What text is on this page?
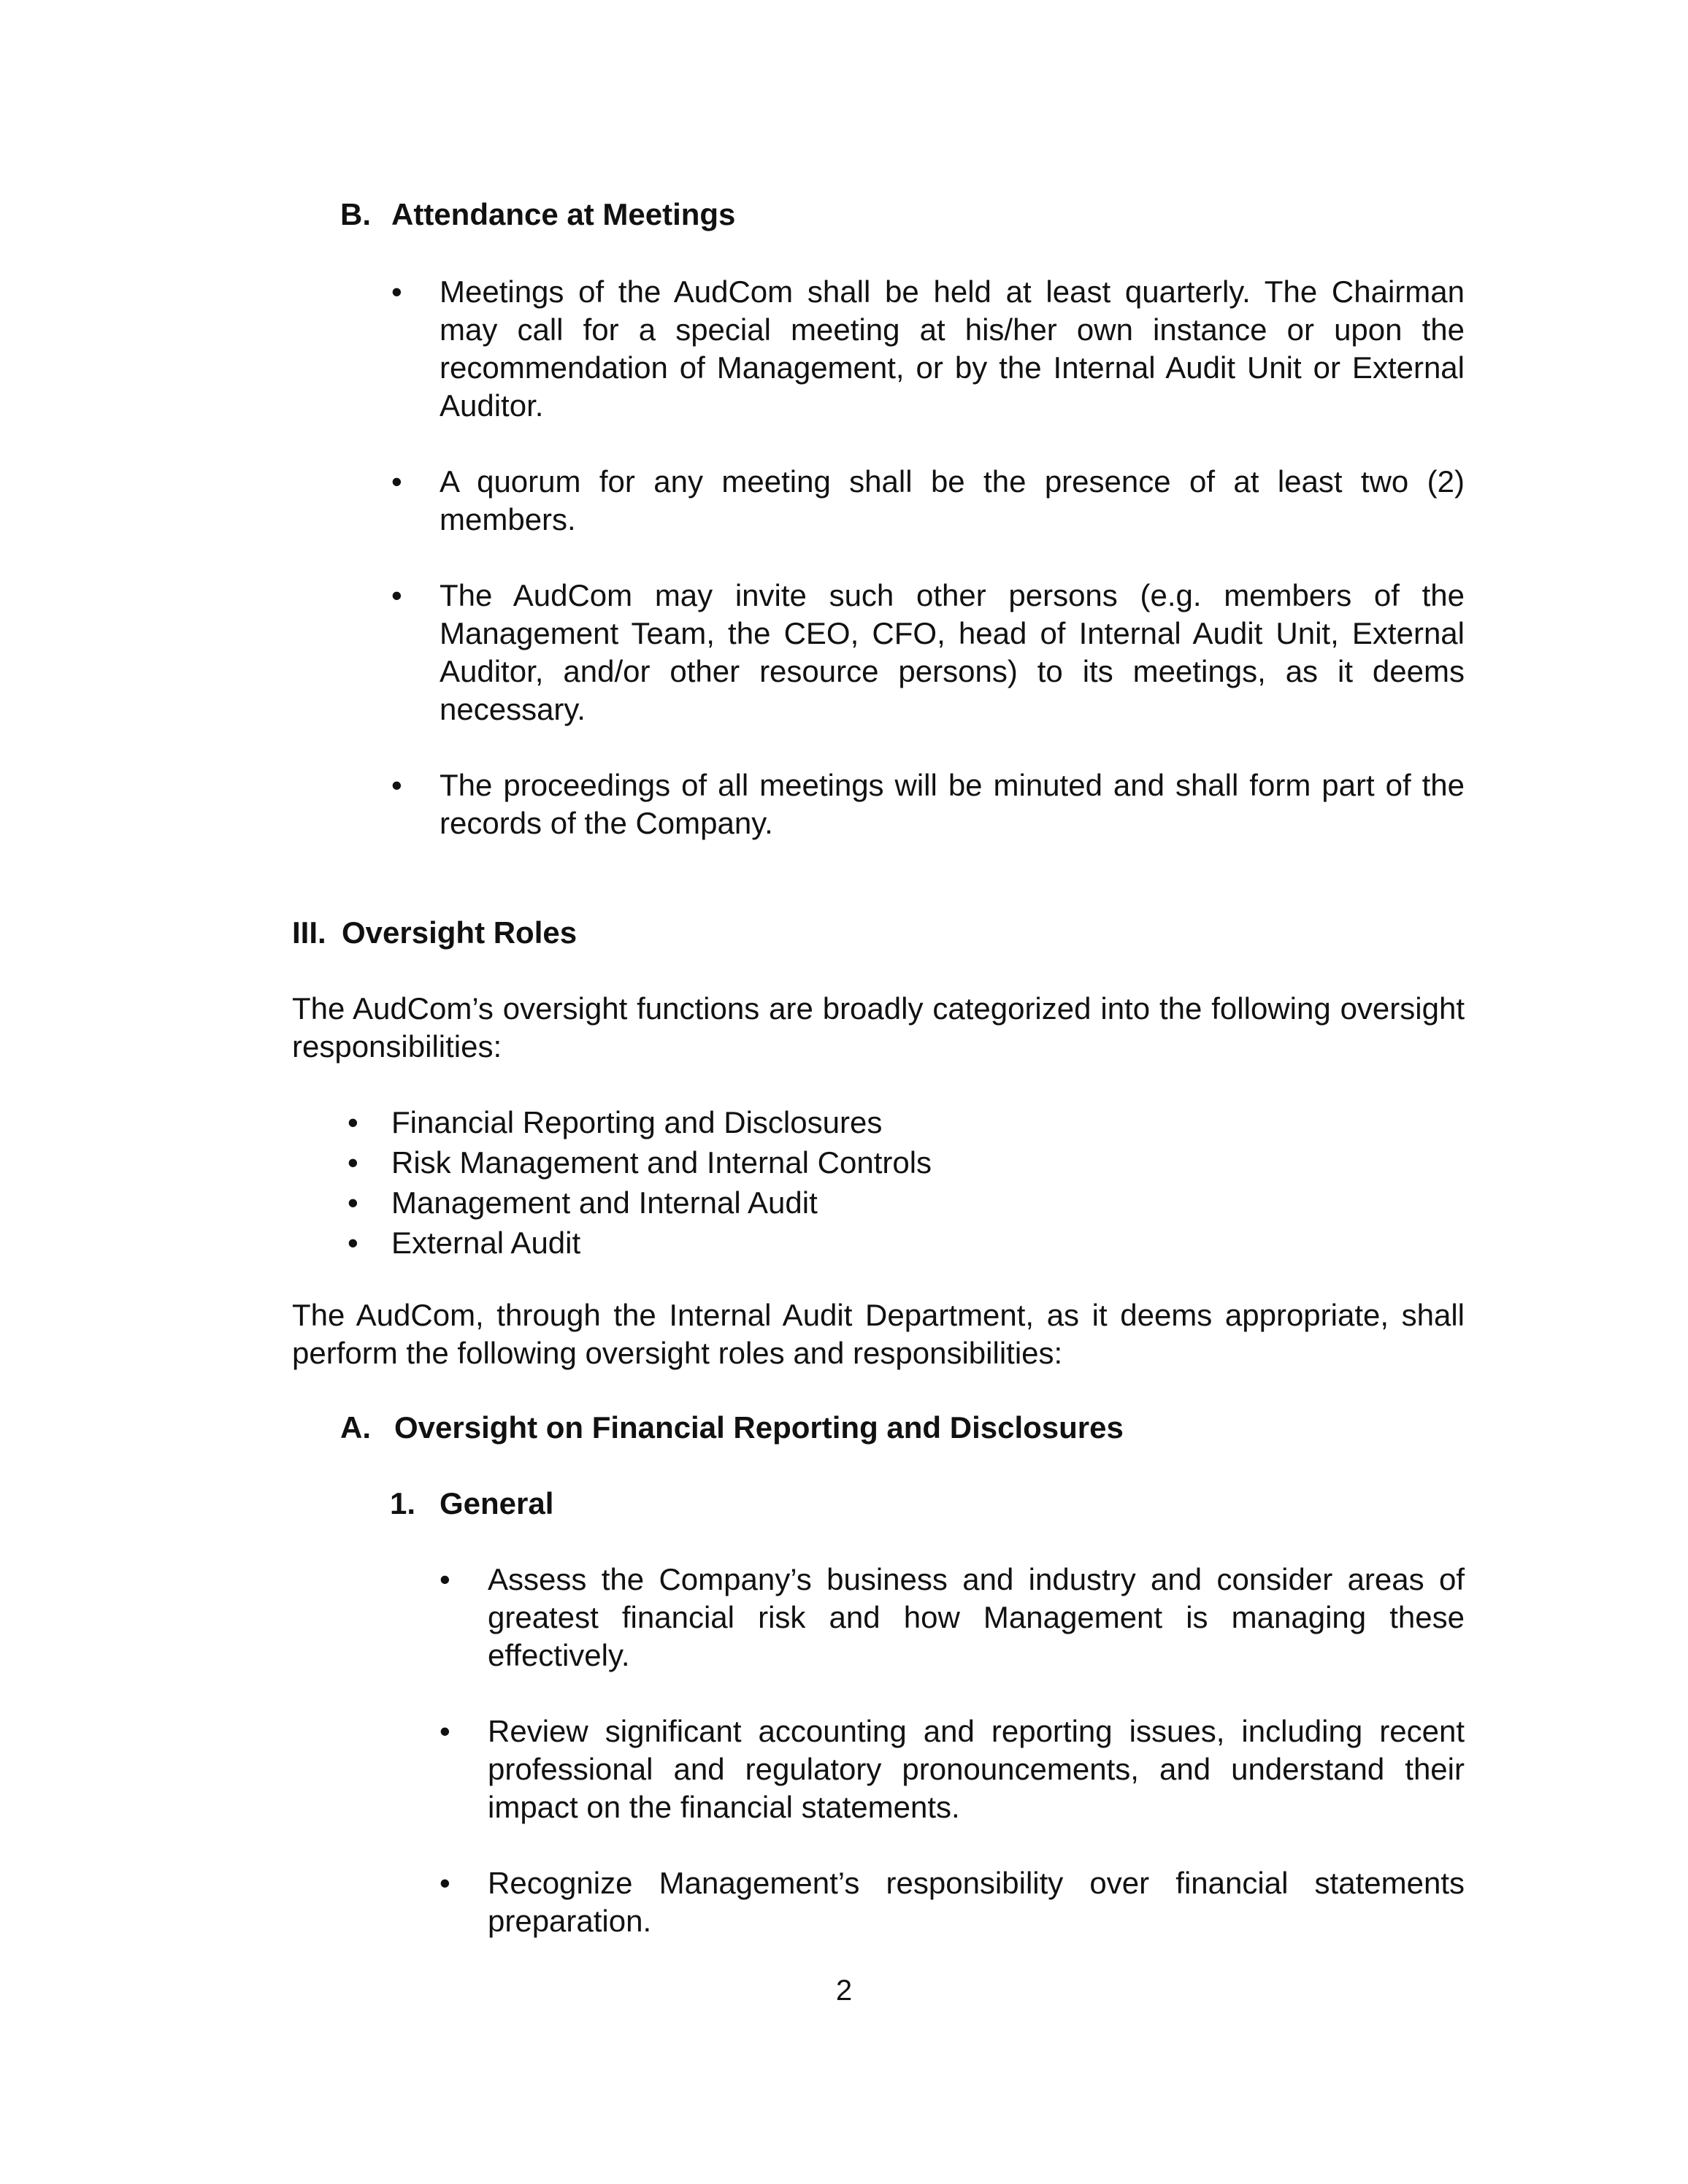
B. Attendance at Meetings
•	Meetings of the AudCom shall be held at least quarterly. The Chairman may call for a special meeting at his/her own instance or upon the recommendation of Management, or by the Internal Audit Unit or External Auditor.
•	A quorum for any meeting shall be the presence of at least two (2) members.
•	The AudCom may invite such other persons (e.g. members of the Management Team, the CEO, CFO, head of Internal Audit Unit, External Auditor, and/or other resource persons) to its meetings, as it deems necessary.
•	The proceedings of all meetings will be minuted and shall form part of the records of the Company.
III. Oversight Roles
The AudCom’s oversight functions are broadly categorized into the following oversight responsibilities:
• Financial Reporting and Disclosures
• Risk Management and Internal Controls
• Management and Internal Audit
• External Audit
The AudCom, through the Internal Audit Department, as it deems appropriate, shall perform the following oversight roles and responsibilities:
A. Oversight on Financial Reporting and Disclosures
1. General
•	Assess the Company’s business and industry and consider areas of greatest financial risk and how Management is managing these effectively.
•	Review significant accounting and reporting issues, including recent professional and regulatory pronouncements, and understand their impact on the financial statements.
•	Recognize Management’s responsibility over financial statements preparation.
2
